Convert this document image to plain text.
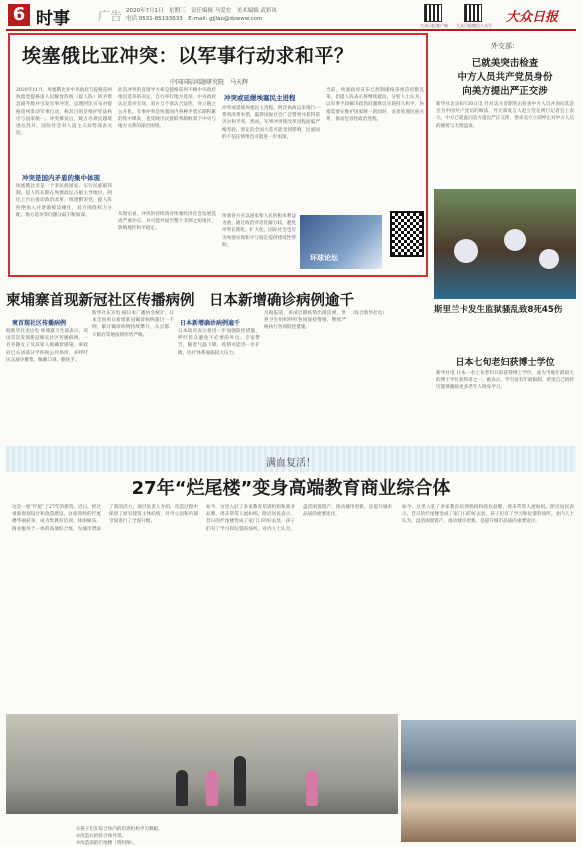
6 时事 广告 2020年7月1日　星期三　责任编辑 马爱宏　美术编辑 武彩凤
电话 0531-85193633　E-mail: gjjiao@dzwww.com
大众日报客户端 大众日报微信公众号
大众日报
埃塞俄比亚冲突：以军事行动求和平？
中国国际问题研究院　马天辉
2020年11月，埃塞俄比亚中央政府与提格雷州执政党提格雷人民解放阵线（提人阵）的矛盾急剧升级并引发军事冲突。总理阿比宣布对提格雷州发动军事行动，称其目的是维护宪法秩序与国家统一。冲突爆发后，数万名难民越境逃往苏丹，国际社会对人道主义局势深表关切。
冲突是国内矛盾的集中体现
埃塞俄比亚是一个多民族国家，实行民族联邦制。提人阵长期在埃塞政坛占据主导地位，阿比上台后推动政治改革，组建繁荣党，提人阵拒绝加入并逐渐被边缘化，双方围绕权力分配、地方选举等问题分歧不断加深。
此次冲突的直接导火索是提格雷州不顾中央政府推迟选举的决定，自行举行地方选举。中央政府认定选举无效，双方互不承认合法性，对立随之公开化。军事冲突是埃塞国内各种矛盾长期积累的集中爆发，也反映出民族联邦制框架下中央与地方关系的深层困境。
从现实看，冲突的持续将对埃塞经济社会发展造成严重冲击，并可能外溢至整个非洲之角地区，影响地区和平稳定。
冲突或延缓埃塞民主进程
冲突或延缓埃塞民主进程。阿比执政以来推行一系列改革举措，赢得国际社会广泛赞誉并获得诺贝尔和平奖。然而，军事冲突使改革进程面临严峻考验，原定的全国大选可能受到影响，民族间的不信任情绪也可能进一步加深。
埃塞各方应以国家和人民的根本利益为重，通过政治对话化解分歧，避免冲突长期化、扩大化。国际社会也应为埃塞实现和平与稳定提供建设性帮助。
当前，埃塞政府宣布已控制提格雷州首府默克莱，但提人阵表示将继续抵抗。分析人士认为，以军事手段解决政治问题难以实现持久和平，埃塞需要在维护国家统一的同时，妥善处理民族关系，推动包容性政治进程。
环球论坛
外交部：
已就美突击检查
中方人员共产党员身份
向美方提出严正交涉
新华社北京6月30日电 针对美方近期突击检查中方人员并询问其是否为中国共产党员的做法，外交部发言人赵立坚在例行记者会上表示，中方已就此向美方提出严正交涉，要求美方立即停止对中方人员的骚扰与无理盘查。
斯里兰卡发生监狱骚乱致8死45伤
柬埔寨首现新冠社区传播病例　日本新增确诊病例逾千
柬首现社区传播病例
据新华社金边电 柬埔寨卫生部表示，该国首次发现新冠肺炎社区传播病例，一名外籍女子及其家人被确诊感染。柬政府已关闭部分学校和公共场所，并呼吁民众减少聚集、佩戴口罩、勤洗手。
新华社东京电 据日本广播协会统计，日本全国单日新增新冠确诊病例超过一千例，累计确诊病例持续攀升，东京都、大阪府等地疫情形势严峻。
日本新增确诊病例逾千
日本政府表示将进一步加强防控措施，呼吁民众避免不必要的外出。专家警告，随着气温下降，疫情可能进一步扩散，医疗体系面临较大压力。
另据报道，多国近期疫情出现反弹，世界卫生组织呼吁各国保持警惕，继续严格执行各项防控措施。
（综合新华社电）
日本七旬老妇获博士学位
新华社电 日本一名七旬老妇日前获得博士学位，成为当地年龄最大的博士学位获得者之一。她表示，学习没有年龄限制，希望自己的经历能够激励更多老年人终身学习。
满血复活！
27年“烂尾楼”变身高端教育商业综合体
这是一座“烂尾”了27年的建筑。近日，经过重新规划设计和改造建设，这座曾经的烂尾楼华丽转身，成为集教育培训、休闲娱乐、商业服务于一体的高端综合体，为城市增添了新的活力。项目负责人介绍，改造过程中保留了原有建筑主体结构，对外立面和内部空间进行了全面升级。
如今，这里入驻了多家教育培训机构和商业品牌，周末常常人流如织。附近居民表示，昔日的烂尾楼变成了家门口的好去处，孩子们有了学习和玩耍的场所。业内人士认为，盘活闲置资产、推动城市更新，是提升城市品质的重要途径。
如今，这里入驻了多家教育培训机构和商业品牌，周末常常人流如织。附近居民表示，昔日的烂尾楼变成了家门口的好去处，孩子们有了学习和玩耍的场所。业内人士认为，盘活闲置资产、推动城市更新，是提升城市品质的重要途径。
①孩子们在综合体内的培训机构学习舞蹈。
②改造后的综合体外景。
③改造前的烂尾楼（资料图）。
